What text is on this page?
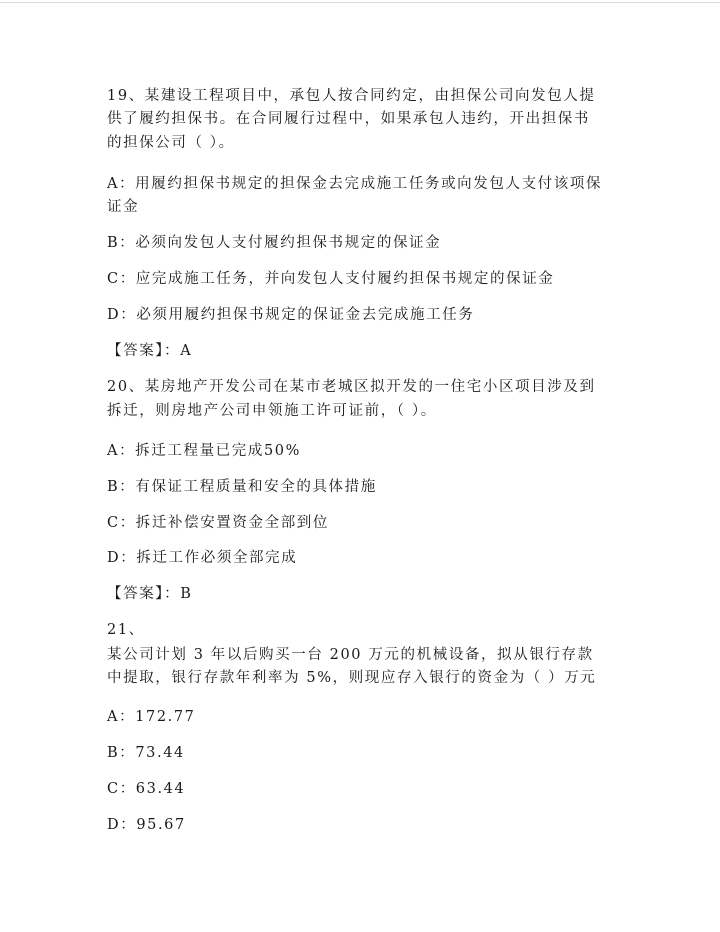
19、某建设工程项目中，承包人按合同约定，由担保公司向发包人提
供了履约担保书。在合同履行过程中，如果承包人违约，开出担保书
的担保公司（ ）。
A：用履约担保书规定的担保金去完成施工任务或向发包人支付该项保
证金
B：必须向发包人支付履约担保书规定的保证金
C：应完成施工任务，并向发包人支付履约担保书规定的保证金
D：必须用履约担保书规定的保证金去完成施工任务
【答案】：A
20、某房地产开发公司在某市老城区拟开发的一住宅小区项目涉及到
拆迁，则房地产公司申领施工许可证前，（ ）。
A：拆迁工程量已完成50%
B：有保证工程质量和安全的具体措施
C：拆迁补偿安置资金全部到位
D：拆迁工作必须全部完成
【答案】：B
21、
某公司计划 3 年以后购买一台 200 万元的机械设备，拟从银行存款
中提取，银行存款年利率为 5%，则现应存入银行的资金为（ ）万元
A：172.77
B：73.44
C：63.44
D：95.67
